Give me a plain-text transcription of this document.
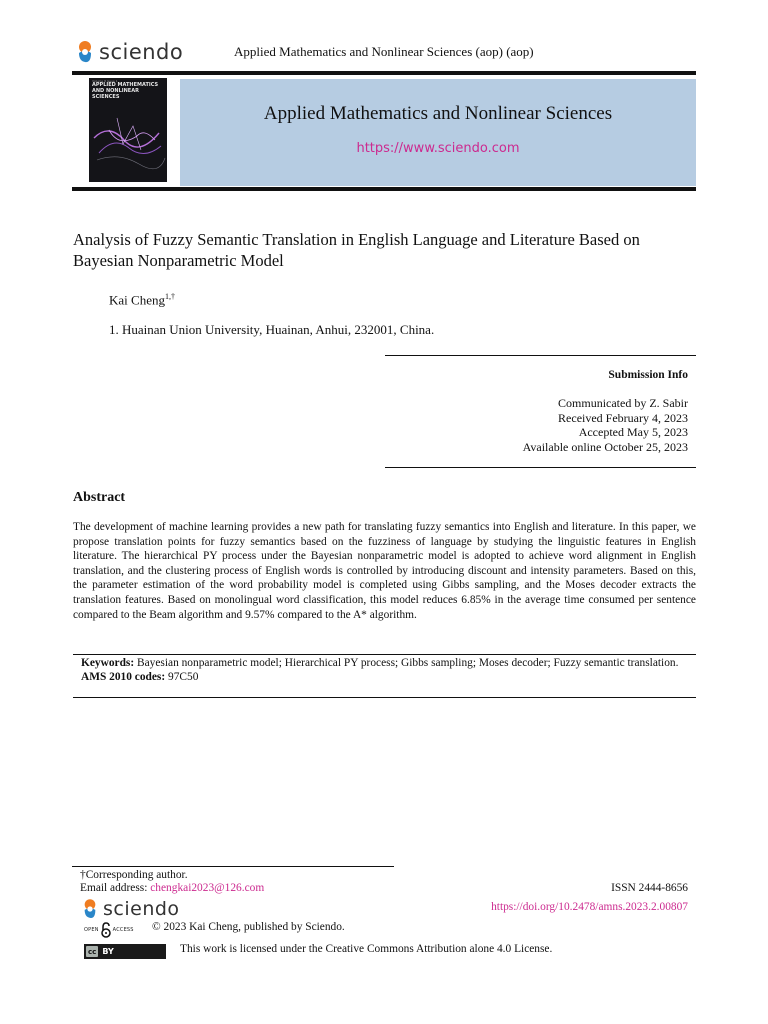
sciendo	Applied Mathematics and Nonlinear Sciences (aop) (aop)
Volume 8 Issue 1
APPLIED MATHEMATICS AND NONLINEAR SCIENCES
Applied Mathematics and Nonlinear Sciences
https://www.sciendo.com
Analysis of Fuzzy Semantic Translation in English Language and Literature Based on Bayesian Nonparametric Model
Kai Cheng$^{1,\dagger}$
1. Huainan Union University, Huainan, Anhui, 232001, China.
Submission Info
Communicated by Z. Sabir
Received February 4, 2023
Accepted May 5, 2023
Available online October 25, 2023
Abstract
The development of machine learning provides a new path for translating fuzzy semantics into English and literature. In this paper, we propose translation points for fuzzy semantics based on the fuzziness of language by studying the linguistic features in English literature. The hierarchical PY process under the Bayesian nonparametric model is adopted to achieve word alignment in English translation, and the clustering process of English words is controlled by introducing discount and intensity parameters. Based on this, the parameter estimation of the word probability model is completed using Gibbs sampling, and the Moses decoder extracts the translation features. Based on monolingual word classification, this model reduces 6.85% in the average time consumed per sentence compared to the Beam algorithm and 9.57% compared to the A* algorithm.
Keywords: Bayesian nonparametric model; Hierarchical PY process; Gibbs sampling; Moses decoder; Fuzzy semantic translation.
AMS 2010 codes: 97C50
†Corresponding author.
Email address: chengkai2023@126.com	ISSN 2444-8656
https://doi.org/10.2478/amns.2023.2.00807
sciendo
OPEN	ACCESS © 2023 Kai Cheng, published by Sciendo.
cc BY	This work is licensed under the Creative Commons Attribution alone 4.0 License.
